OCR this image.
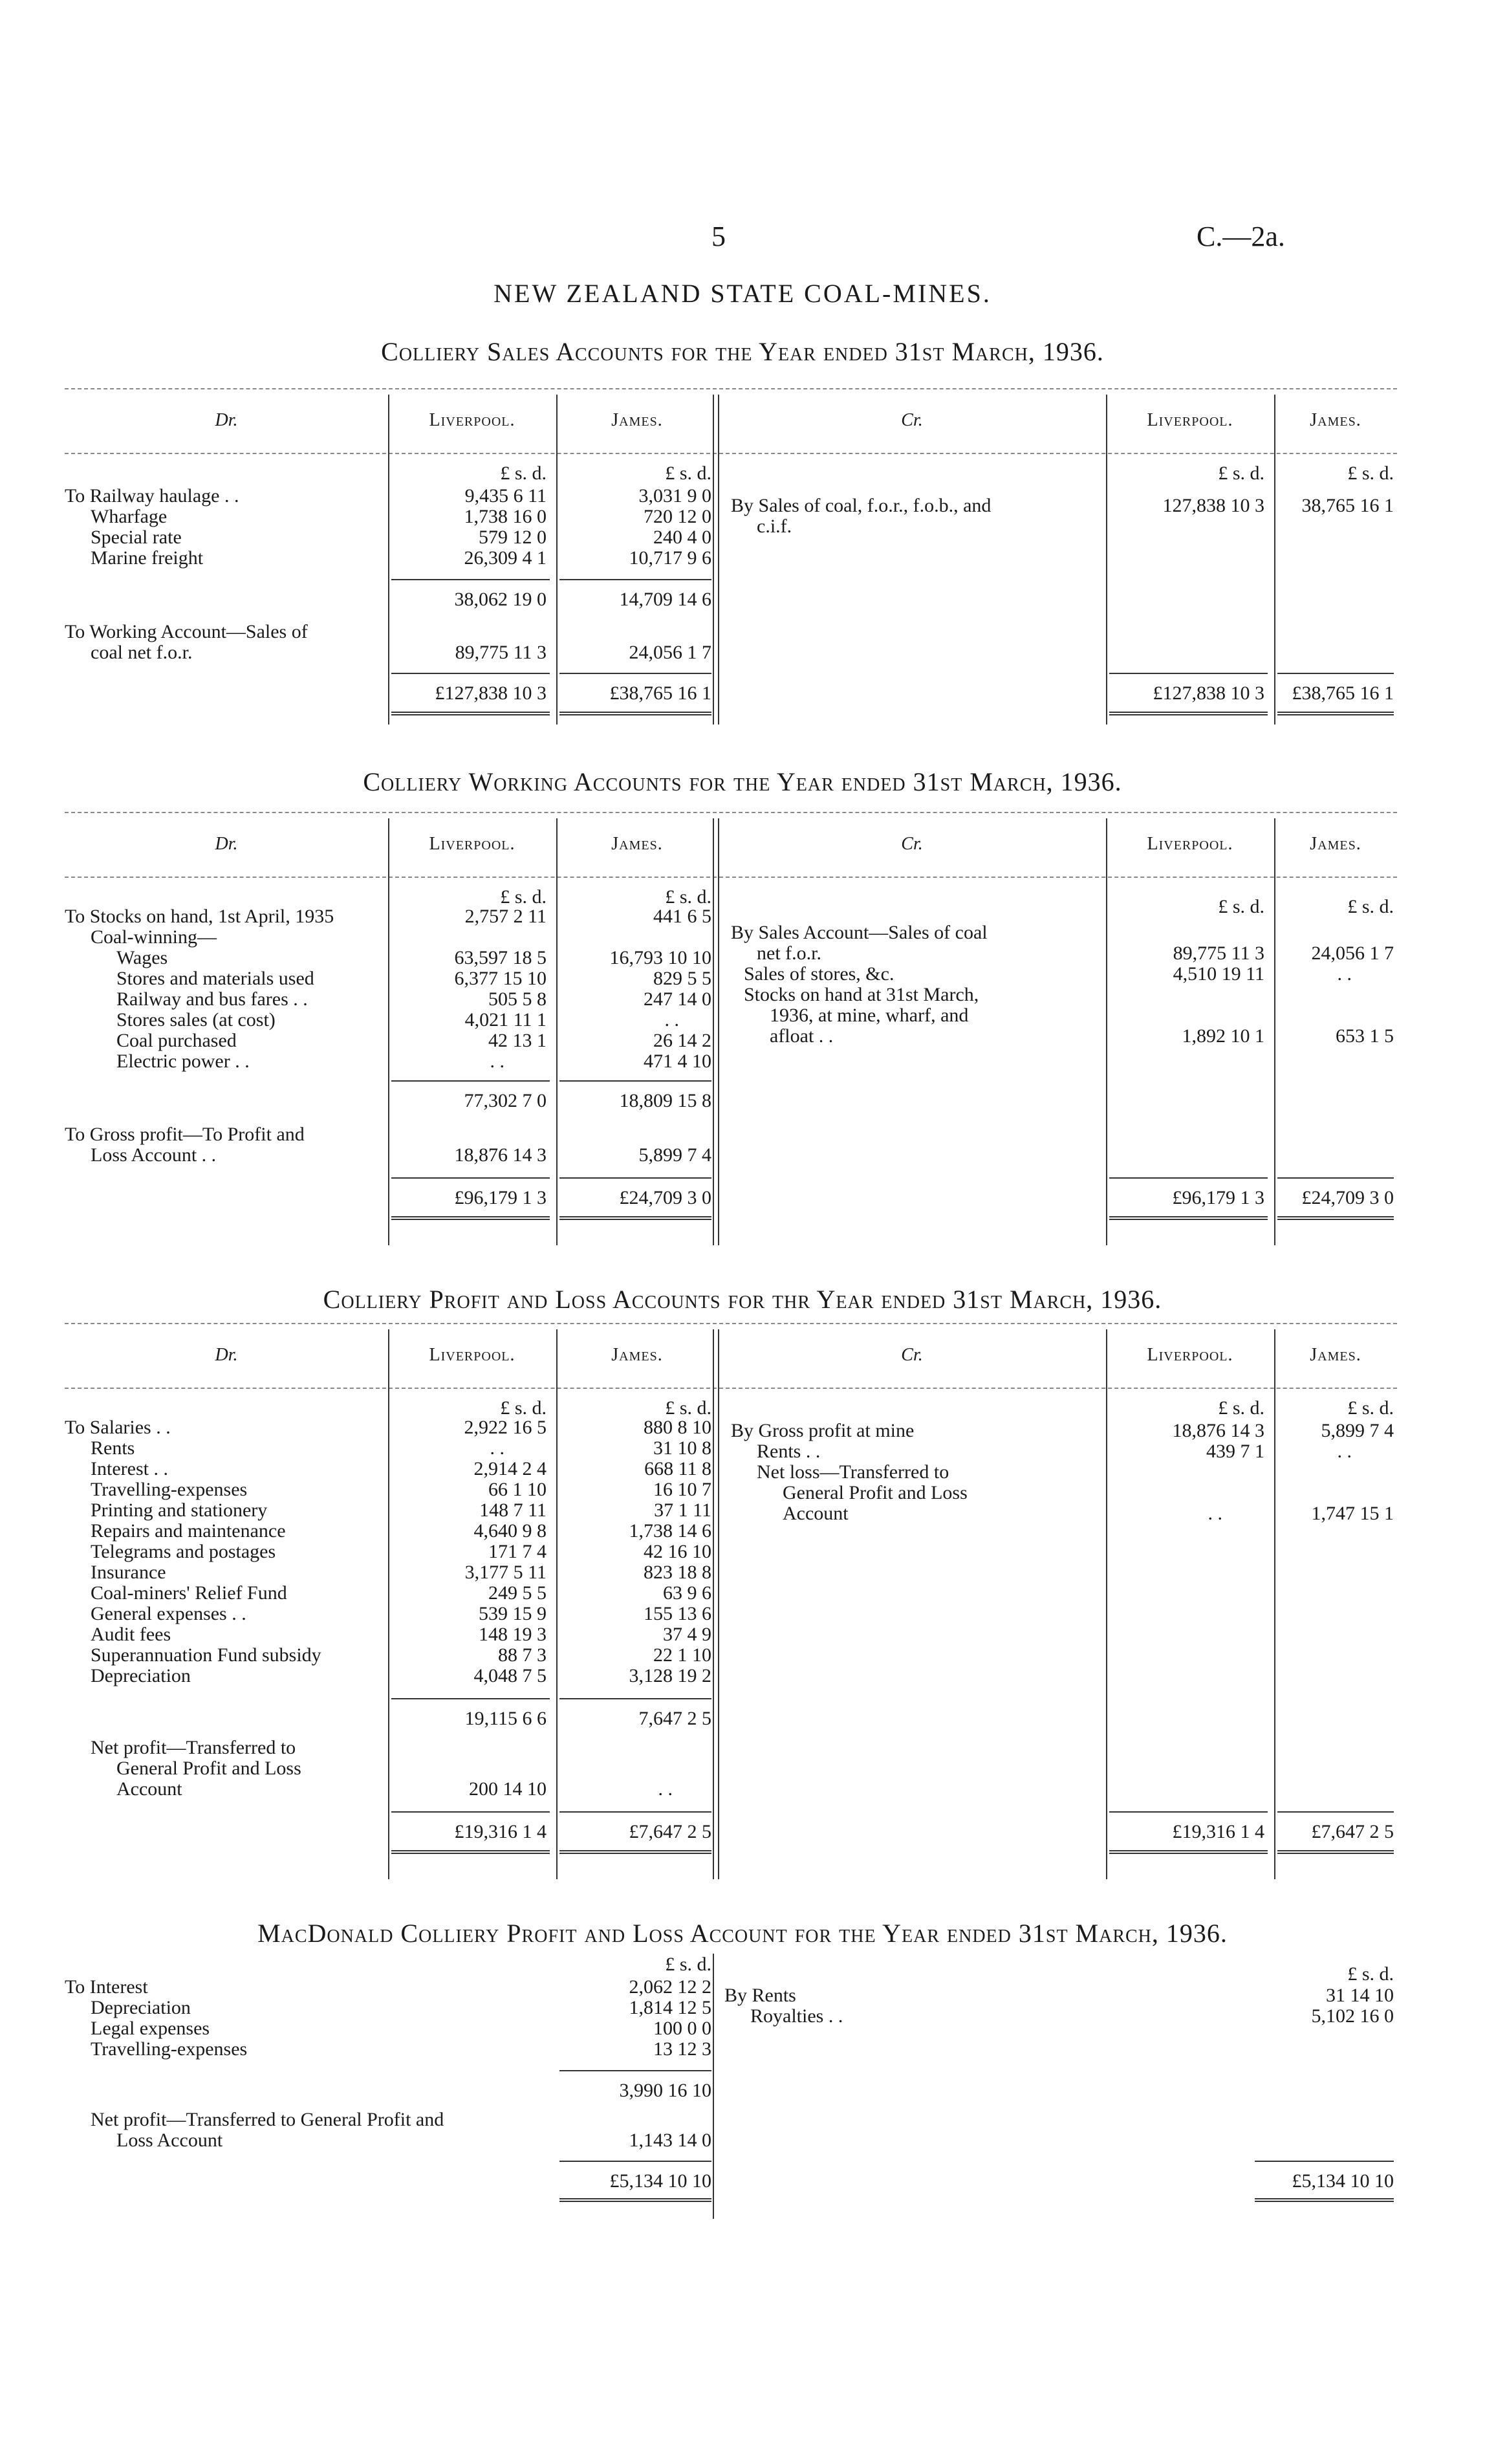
5	C.—2a.
NEW ZEALAND STATE COAL-MINES.
Colliery Sales Accounts for the Year ended 31st March, 1936.
Dr.	Liverpool.	James.	Cr.	Liverpool.	James.
£ s. d.	£ s. d.	£ s. d.	£ s. d.
To Railway haulage . .	9,435 6 11	3,031 9 0
Wharfage	1,738 16 0	720 12 0
Special rate	579 12 0	240 4 0
Marine freight	26,309 4 1	10,717 9 6
38,062 19 0	14,709 14 6
To Working Account—Sales of
coal net f.o.r.	89,775 11 3	24,056 1 7
£127,838 10 3	£38,765 16 1
By Sales of coal, f.o.r., f.o.b., and
c.i.f.
127,838 10 3	38,765 16 1
£127,838 10 3	£38,765 16 1
Colliery Working Accounts for the Year ended 31st March, 1936.
Dr.	Liverpool.	James.	Cr.	Liverpool.	James.
£ s. d.	£ s. d.	£ s. d.	£ s. d.
To Stocks on hand, 1st April, 1935	2,757 2 11	441 6 5
Coal-winning—
Wages	63,597 18 5	16,793 10 10
Stores and materials used	6,377 15 10	829 5 5
Railway and bus fares . .	505 5 8	247 14 0
Stores sales (at cost)	4,021 11 1	. .
Coal purchased	42 13 1	26 14 2
Electric power . .	. .	471 4 10
77,302 7 0	18,809 15 8
To Gross profit—To Profit and
Loss Account . .	18,876 14 3	5,899 7 4
£96,179 1 3	£24,709 3 0
By Sales Account—Sales of coal
net f.o.r.	89,775 11 3	24,056 1 7
Sales of stores, &c.	4,510 19 11	. .
Stocks on hand at 31st March,
1936, at mine, wharf, and
afloat . .	1,892 10 1	653 1 5
£96,179 1 3	£24,709 3 0
Colliery Profit and Loss Accounts for thr Year ended 31st March, 1936.
Dr.	Liverpool.	James.	Cr.	Liverpool.	James.
£ s. d.	£ s. d.	£ s. d.	£ s. d.
To Salaries . .	2,922 16 5	880 8 10
Rents	. .	31 10 8
Interest . .	2,914 2 4	668 11 8
Travelling-expenses	66 1 10	16 10 7
Printing and stationery	148 7 11	37 1 11
Repairs and maintenance	4,640 9 8	1,738 14 6
Telegrams and postages	171 7 4	42 16 10
Insurance	3,177 5 11	823 18 8
Coal-miners' Relief Fund	249 5 5	63 9 6
General expenses . .	539 15 9	155 13 6
Audit fees	148 19 3	37 4 9
Superannuation Fund subsidy	88 7 3	22 1 10
Depreciation	4,048 7 5	3,128 19 2
19,115 6 6	7,647 2 5
Net profit—Transferred to
General Profit and Loss
Account	200 14 10	. .
£19,316 1 4	£7,647 2 5
By Gross profit at mine	18,876 14 3	5,899 7 4
Rents . .	439 7 1	. .
Net loss—Transferred to
General Profit and Loss
Account	. .	1,747 15 1
£19,316 1 4	£7,647 2 5
MacDonald Colliery Profit and Loss Account for the Year ended 31st March, 1936.
£ s. d.	£ s. d.
To Interest	2,062 12 2
Depreciation	1,814 12 5
Legal expenses	100 0 0
Travelling-expenses	13 12 3
3,990 16 10
Net profit—Transferred to General Profit and
Loss Account	1,143 14 0
£5,134 10 10
By Rents	31 14 10
Royalties . .	5,102 16 0
£5,134 10 10
